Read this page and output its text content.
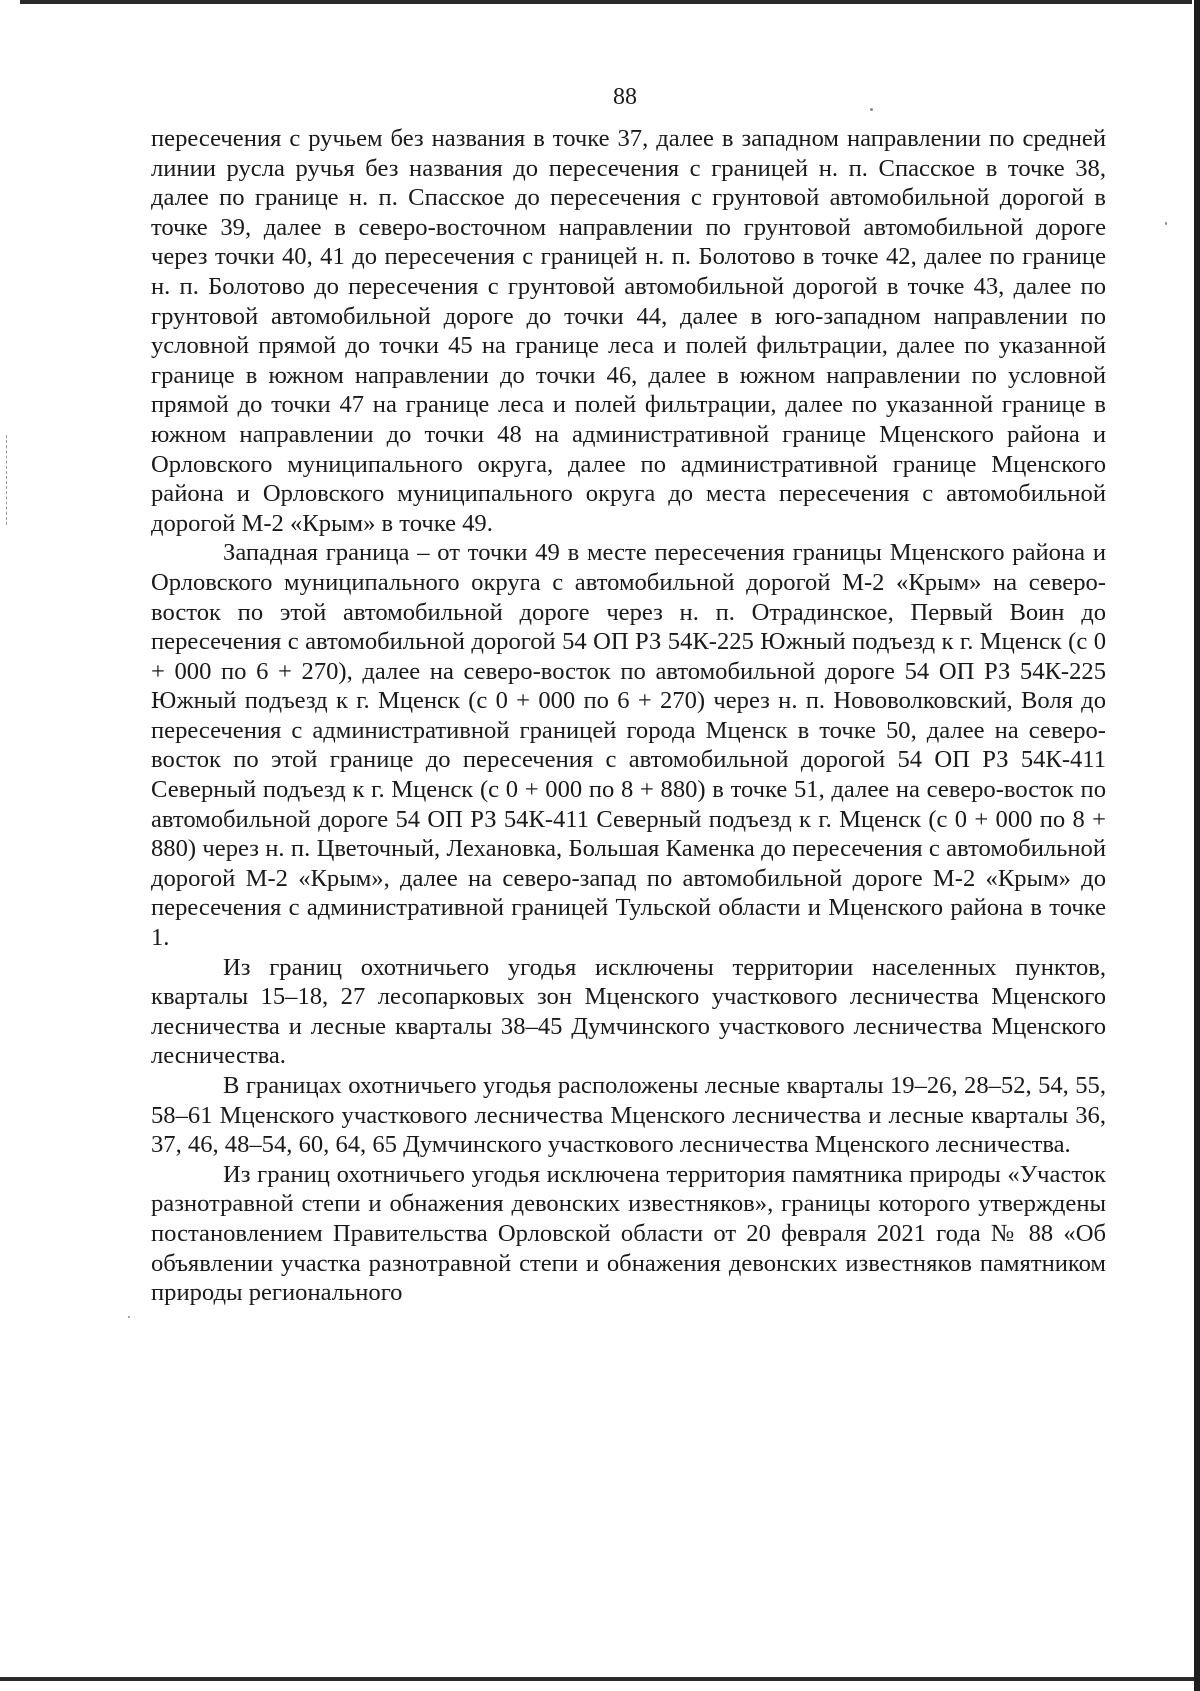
88

пересечения с ручьем без названия в точке 37, далее в западном направлении по средней линии русла ручья без названия до пересечения с границей н. п. Спасское в точке 38, далее по границе н. п. Спасское до пересечения с грунтовой автомобильной дорогой в точке 39, далее в северо-восточном направлении по грунтовой автомобильной дороге через точки 40, 41 до пересечения с границей н. п. Болотово в точке 42, далее по границе н. п. Болотово до пересечения с грунтовой автомобильной дорогой в точке 43, далее по грунтовой автомобильной дороге до точки 44, далее в юго-западном направлении по условной прямой до точки 45 на границе леса и полей фильтрации, далее по указанной границе в южном направлении до точки 46, далее в южном направлении по условной прямой до точки 47 на границе леса и полей фильтрации, далее по указанной границе в южном направлении до точки 48 на административной границе Мценского района и Орловского муниципального округа, далее по административной границе Мценского района и Орловского муниципального округа до места пересечения с автомобильной дорогой М-2 «Крым» в точке 49.

Западная граница – от точки 49 в месте пересечения границы Мценского района и Орловского муниципального округа с автомобильной дорогой М-2 «Крым» на северо-восток по этой автомобильной дороге через н. п. Отрадинское, Первый Воин до пересечения с автомобильной дорогой 54 ОП РЗ 54К-225 Южный подъезд к г. Мценск (с 0 + 000 по 6 + 270), далее на северо-восток по автомобильной дороге 54 ОП РЗ 54К-225 Южный подъезд к г. Мценск (с 0 + 000 по 6 + 270) через н. п. Нововолковский, Воля до пересечения с административной границей города Мценск в точке 50, далее на северо-восток по этой границе до пересечения с автомобильной дорогой 54 ОП РЗ 54К-411 Северный подъезд к г. Мценск (с 0 + 000 по 8 + 880) в точке 51, далее на северо-восток по автомобильной дороге 54 ОП РЗ 54К-411 Северный подъезд к г. Мценск (с 0 + 000 по 8 + 880) через н. п. Цветочный, Лехановка, Большая Каменка до пересечения с автомобильной дорогой М-2 «Крым», далее на северо-запад по автомобильной дороге М-2 «Крым» до пересечения с административной границей Тульской области и Мценского района в точке 1.

Из границ охотничьего угодья исключены территории населенных пунктов, кварталы 15–18, 27 лесопарковых зон Мценского участкового лесничества Мценского лесничества и лесные кварталы 38–45 Думчинского участкового лесничества Мценского лесничества.

В границах охотничьего угодья расположены лесные кварталы 19–26, 28–52, 54, 55, 58–61 Мценского участкового лесничества Мценского лесничества и лесные кварталы 36, 37, 46, 48–54, 60, 64, 65 Думчинского участкового лесничества Мценского лесничества.

Из границ охотничьего угодья исключена территория памятника природы «Участок разнотравной степи и обнажения девонских известняков», границы которого утверждены постановлением Правительства Орловской области от 20 февраля 2021 года № 88 «Об объявлении участка разнотравной степи и обнажения девонских известняков памятником природы регионального
